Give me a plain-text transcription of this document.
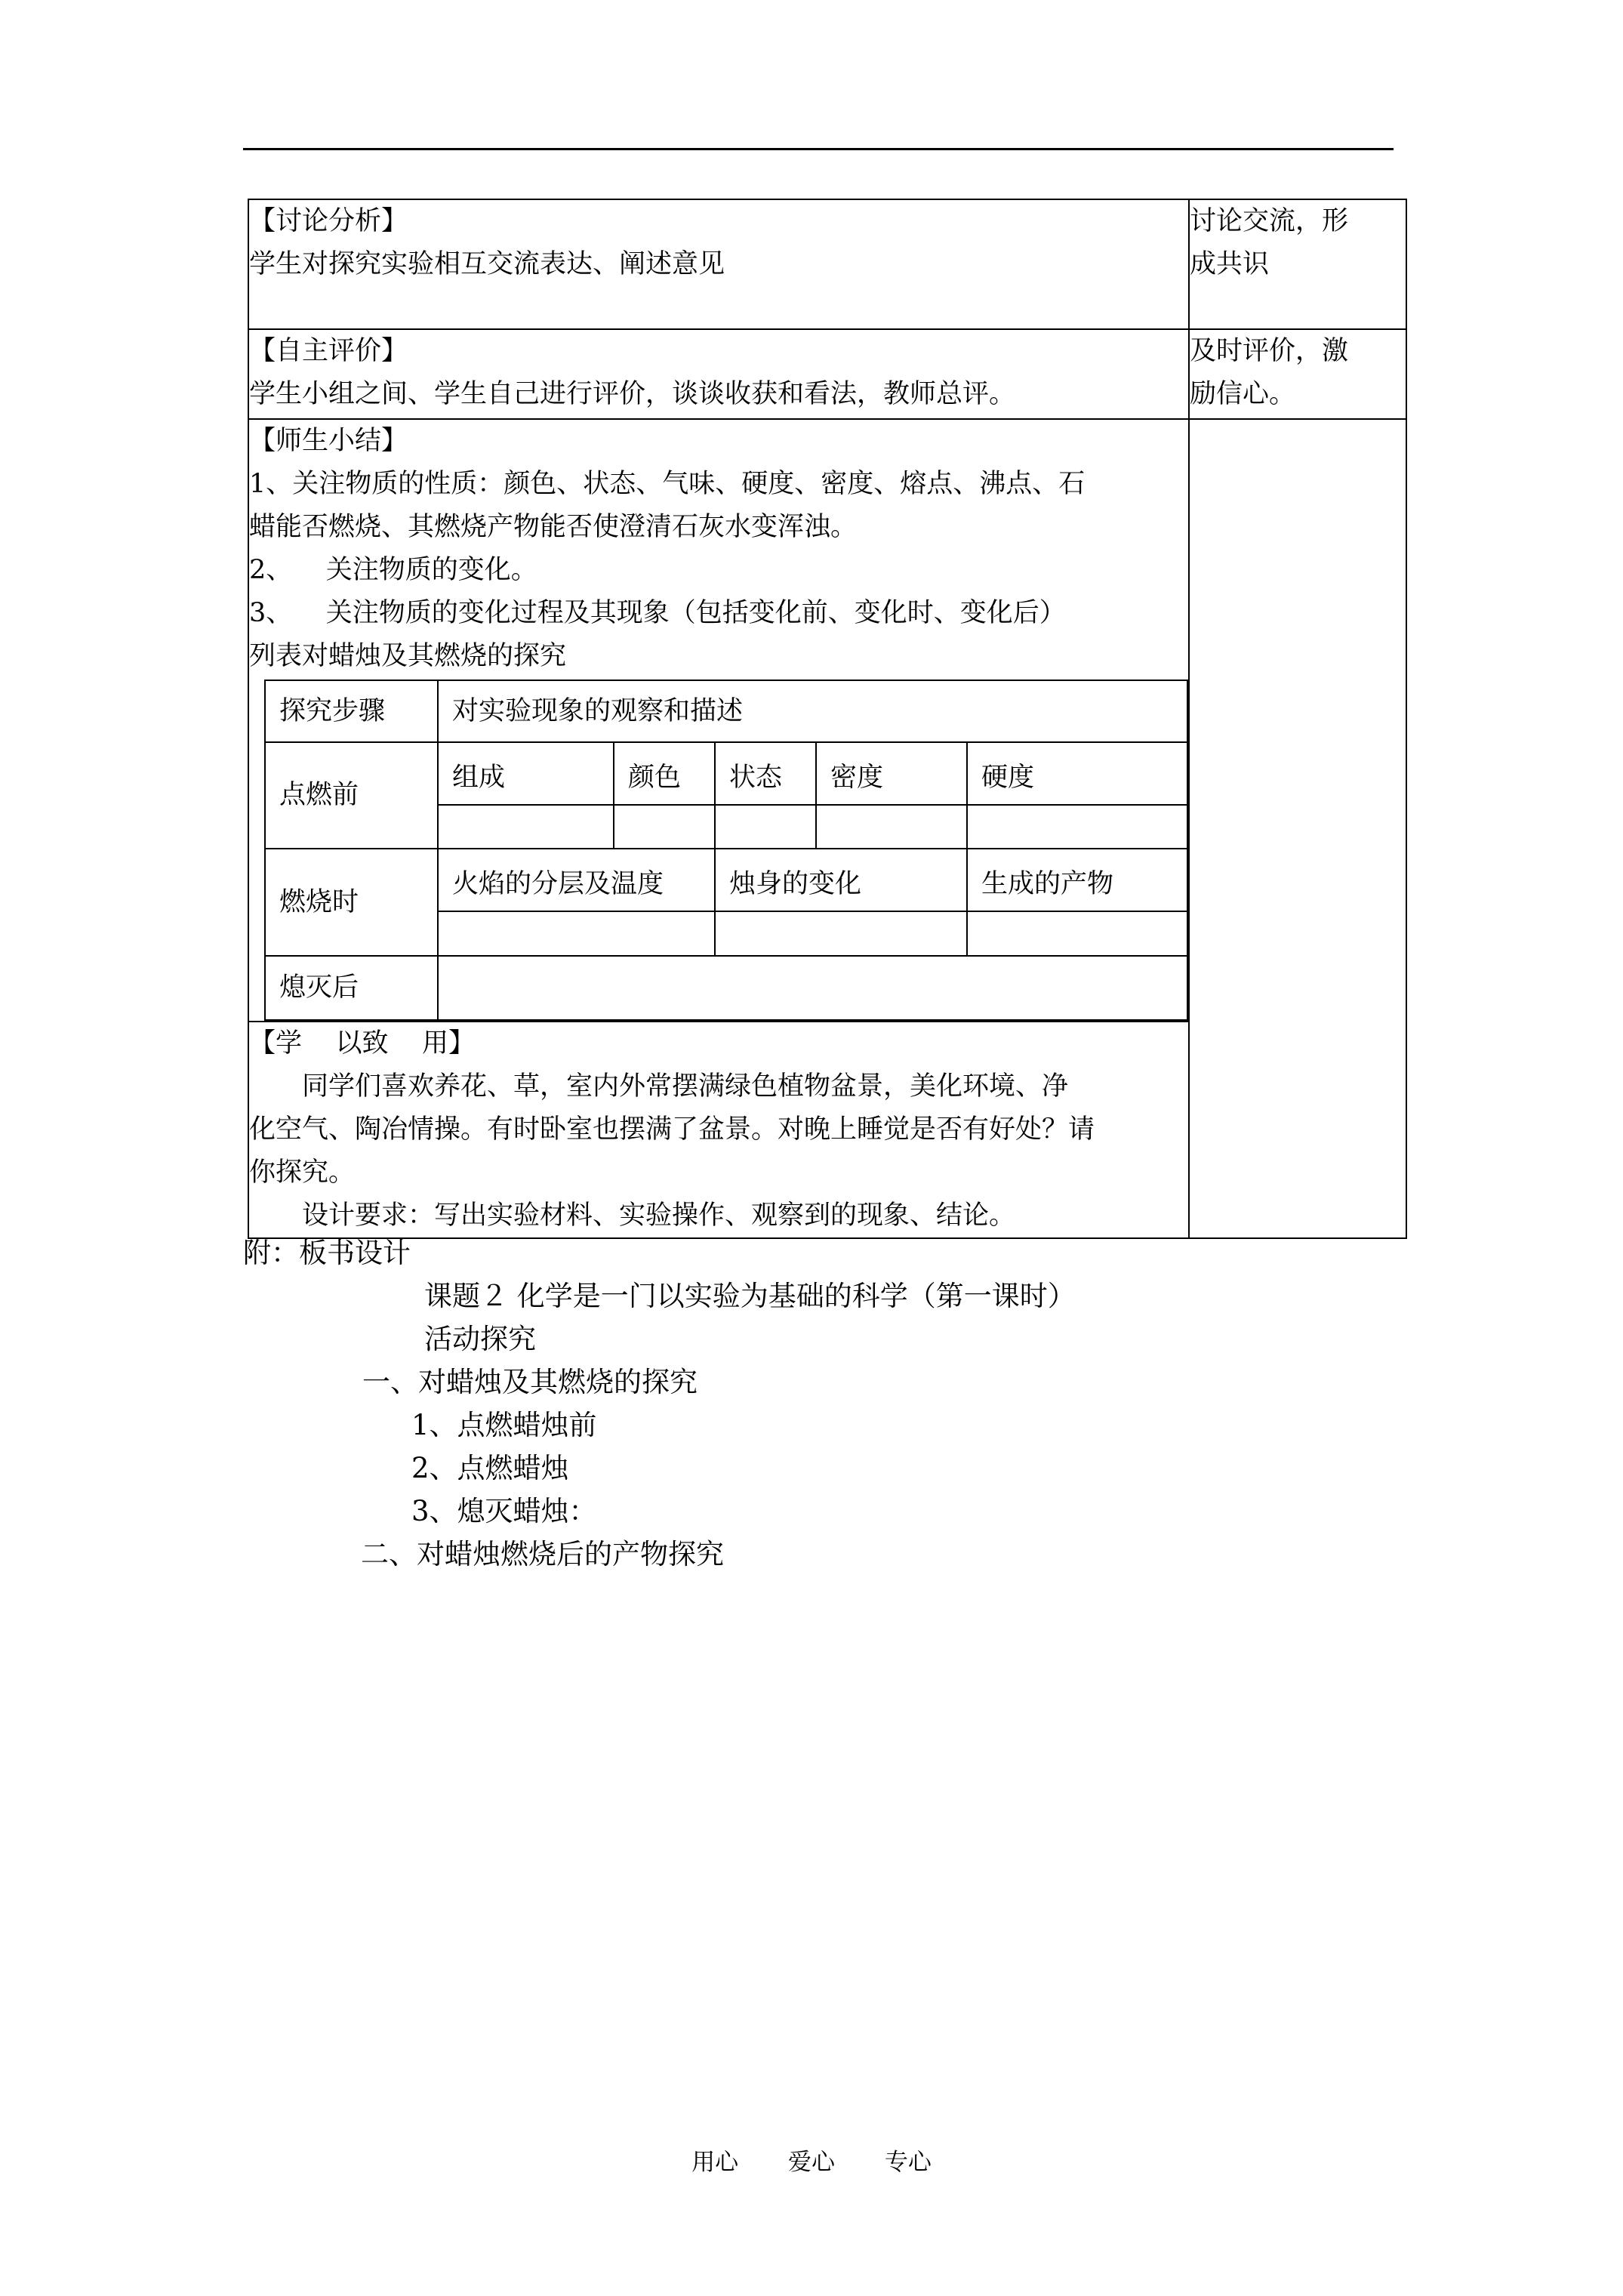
【讨论分析】
学生对探究实验相互交流表达、阐述意见

讨论交流，形
成共识

【自主评价】
学生小组之间、学生自己进行评价，谈谈收获和看法，教师总评。

及时评价，激
励信心。

【师生小结】
1、关注物质的性质：颜色、状态、气味、硬度、密度、熔点、沸点、石
蜡能否燃烧、其燃烧产物能否使澄清石灰水变浑浊。
2、    关注物质的变化。
3、    关注物质的变化过程及其现象（包括变化前、变化时、变化后）
列表对蜡烛及其燃烧的探究
探究步骤	对实验现象的观察和描述
点燃前	组成	颜色	状态	密度	硬度

燃烧时	火焰的分层及温度	烛身的变化	生成的产物

熄灭后	

【学    以致    用】
同学们喜欢养花、草，室内外常摆满绿色植物盆景，美化环境、净
化空气、陶冶情操。有时卧室也摆满了盆景。对晚上睡觉是否有好处？请
你探究。
设计要求：写出实验材料、实验操作、观察到的现象、结论。
附：板书设计
课题２ 化学是一门以实验为基础的科学（第一课时）
活动探究
一、对蜡烛及其燃烧的探究
1、点燃蜡烛前
2、点燃蜡烛
3、熄灭蜡烛：
二、对蜡烛燃烧后的产物探究
用心 爱心 专心
